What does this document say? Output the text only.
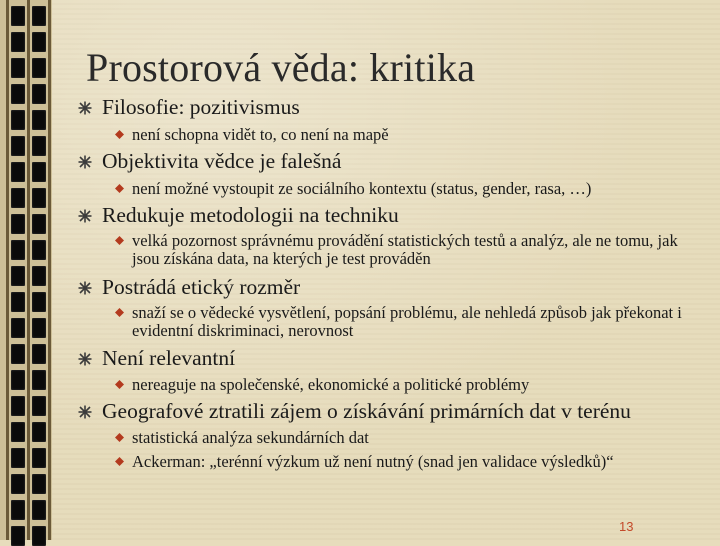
Prostorová věda: kritika
Filosofie: pozitivismus
není schopna vidět to, co není na mapě
Objektivita vědce je falešná
není možné vystoupit ze sociálního kontextu (status, gender, rasa, …)
Redukuje metodologii na techniku
velká pozornost správnému provádění statistických testů a analýz, ale ne tomu, jak jsou získána data, na kterých je test prováděn
Postrádá etický rozměr
snaží se o vědecké vysvětlení, popsání problému, ale nehledá způsob jak překonat i evidentní diskriminaci, nerovnost
Není relevantní
nereaguje na společenské, ekonomické a politické problémy
Geografové ztratili zájem o získávání primárních dat v terénu
statistická analýza sekundárních dat
Ackerman: „terénní výzkum už není nutný (snad jen validace výsledků)“
13
